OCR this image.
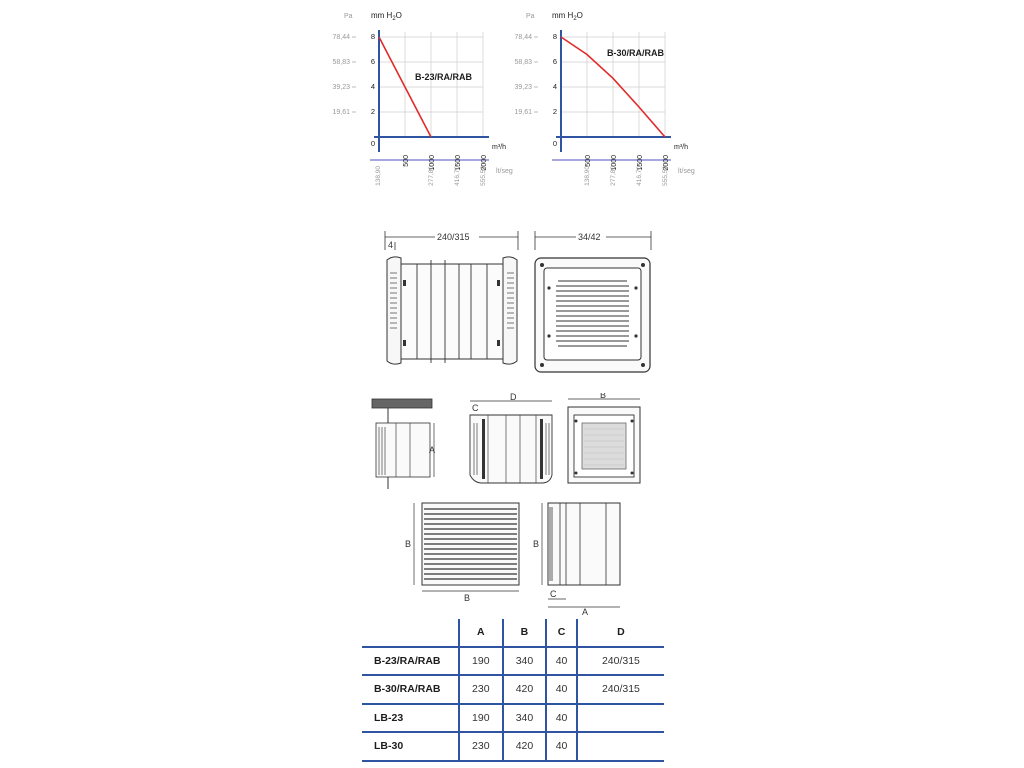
Pa mm $H_2O$
78,44
58,83
39,23
19,61
8
6
4
2
0
500	1000	1500	2000
m³/h
138,90	277,80	416,70	555,50 lt/seg
B-23/RA/RAB
Pa mm $H_2O$
78,44
58,83
39,23
19,61
8
6
4
2
0
500	1000	1500	2000
m³/h
138,90	277,80	416,70	555,50 lt/seg
B-30/RA/RAB
240/315
4
34/42
A
D
C
B
B
B
B
C
A
	A	B	C	D
B-23/RA/RAB	190	340	40	240/315
B-30/RA/RAB	230	420	40	240/315
LB-23	190	340	40	
LB-30	230	420	40	
